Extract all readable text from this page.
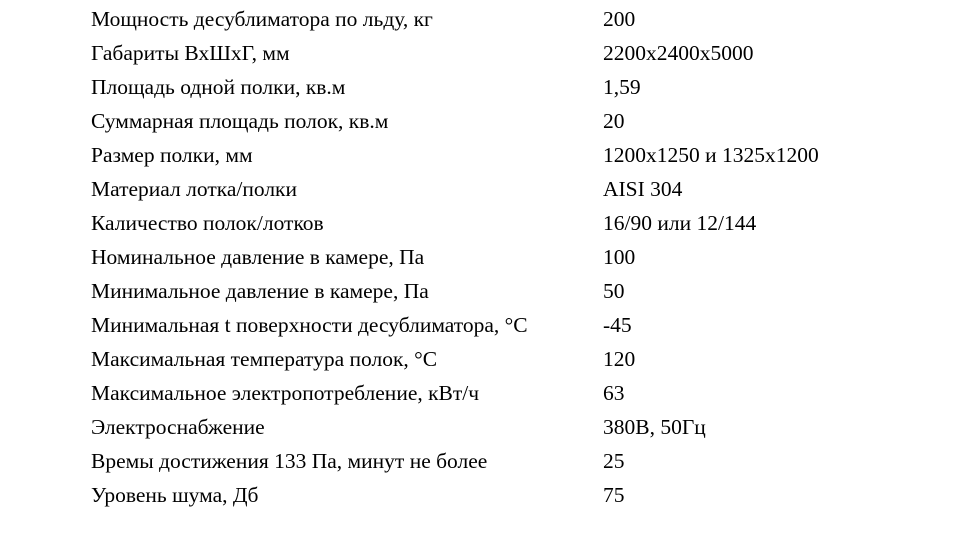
Мощность десублиматора по льду, кг	200
Габариты ВхШхГ, мм	2200х2400х5000
Площадь одной полки, кв.м	1,59
Суммарная площадь полок, кв.м	20
Размер полки, мм	1200х1250 и 1325х1200
Материал лотка/полки	AISI 304
Каличество полок/лотков	16/90 или 12/144
Номинальное давление в камере, Па	100
Минимальное давление в камере, Па	50
Минимальная t поверхности десублиматора, °С	-45
Максимальная температура полок, °С	120
Максимальное электропотребление, кВт/ч	63
Электроснабжение	380В, 50Гц
Времы достижения 133 Па, минут не более	25
Уровень шума, Дб	75
